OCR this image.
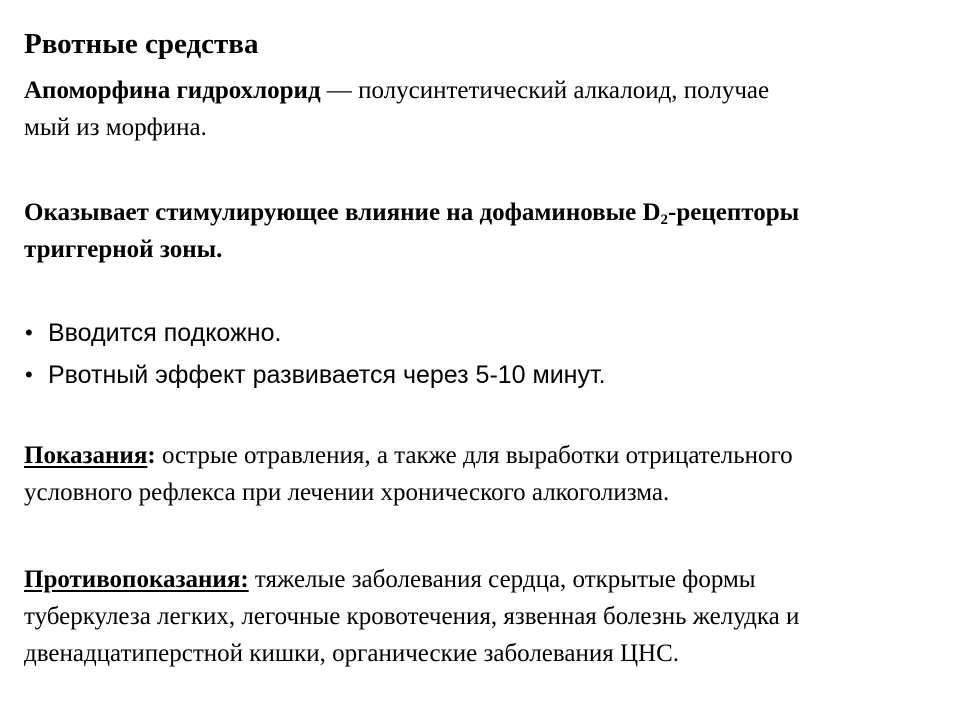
Рвотные средства
Апоморфина гидрохлорид — полусинтетический алкалоид, получае
мый из морфина.
Оказывает стимулирующее влияние на дофаминовые $D_2$-рецепторы
триггерной зоны.
• Вводится подкожно.
• Рвотный эффект развивается через 5-10 минут.
Показания: острые отравления, а также для выработки отрицательного
условного рефлекса при лечении хронического алкоголизма.
Противопоказания: тяжелые заболевания сердца, открытые формы
туберкулеза легких, легочные кровотечения, язвенная болезнь желудка и
двенадцатиперстной кишки, органические заболевания ЦНС.
